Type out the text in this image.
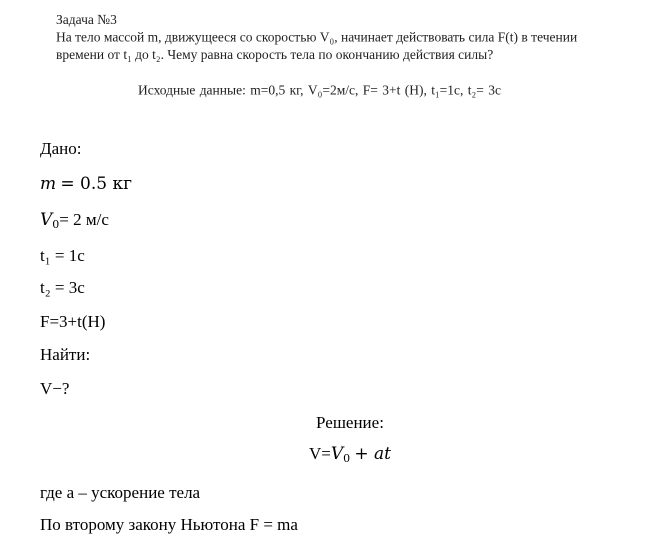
Задача №3
На тело массой m, движущееся со скоростью V₀, начинает действовать сила F(t) в течении
времени от t₁ до t₂. Чему равна скорость тела по окончанию действия силы?
Исходные данные: m=0,5 кг, V₀=2м/с, F= 3+t (H), t₁=1с, t₂= 3с
Дано:
m = 0.5 кг
$V_0= 2$ м/с
t₁ = 1с
t₂ = 3с
F=3+t(H)
Найти:
V−?
Решение:
$V=V_0$ + at
где a – ускорение тела
По второму закону Ньютона F = ma
